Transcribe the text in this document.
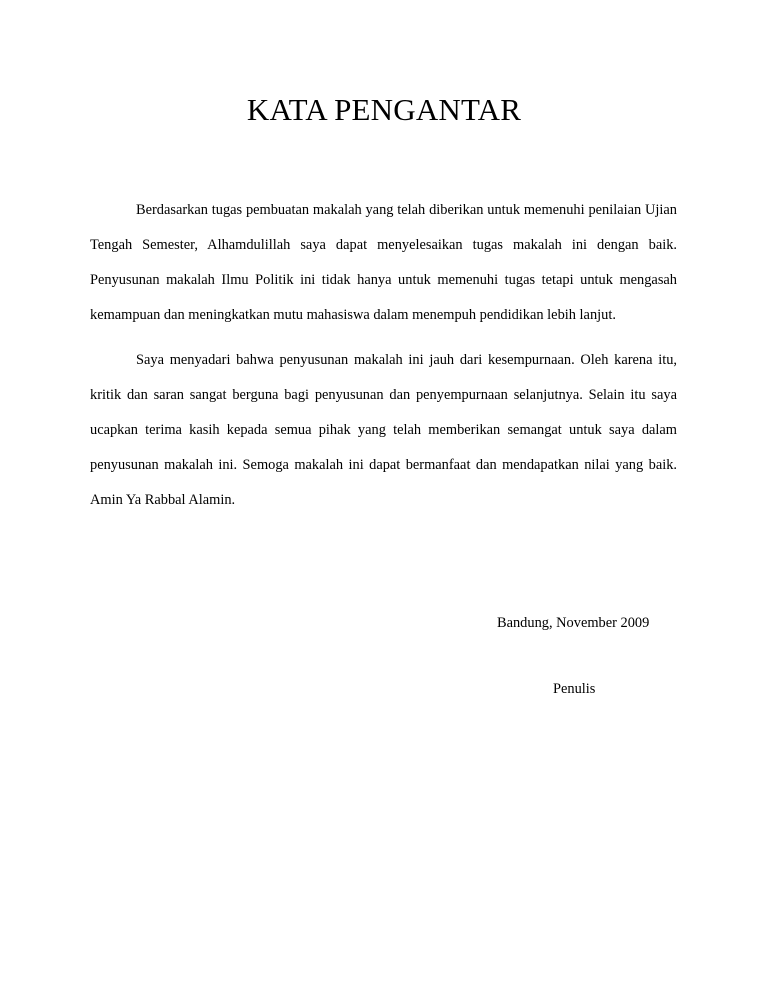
KATA PENGANTAR

Berdasarkan tugas pembuatan makalah yang telah diberikan untuk memenuhi penilaian Ujian Tengah Semester, Alhamdulillah saya dapat menyelesaikan tugas makalah ini dengan baik. Penyusunan makalah Ilmu Politik ini tidak hanya untuk memenuhi tugas tetapi untuk mengasah kemampuan dan meningkatkan mutu mahasiswa dalam menempuh pendidikan lebih lanjut.

Saya menyadari bahwa penyusunan makalah ini jauh dari kesempurnaan. Oleh karena itu, kritik dan saran sangat berguna bagi penyusunan dan penyempurnaan selanjutnya. Selain itu saya ucapkan terima kasih kepada semua pihak yang telah memberikan semangat untuk saya dalam penyusunan makalah ini. Semoga makalah ini dapat bermanfaat dan mendapatkan nilai yang baik. Amin Ya Rabbal Alamin.

Bandung, November 2009

Penulis
